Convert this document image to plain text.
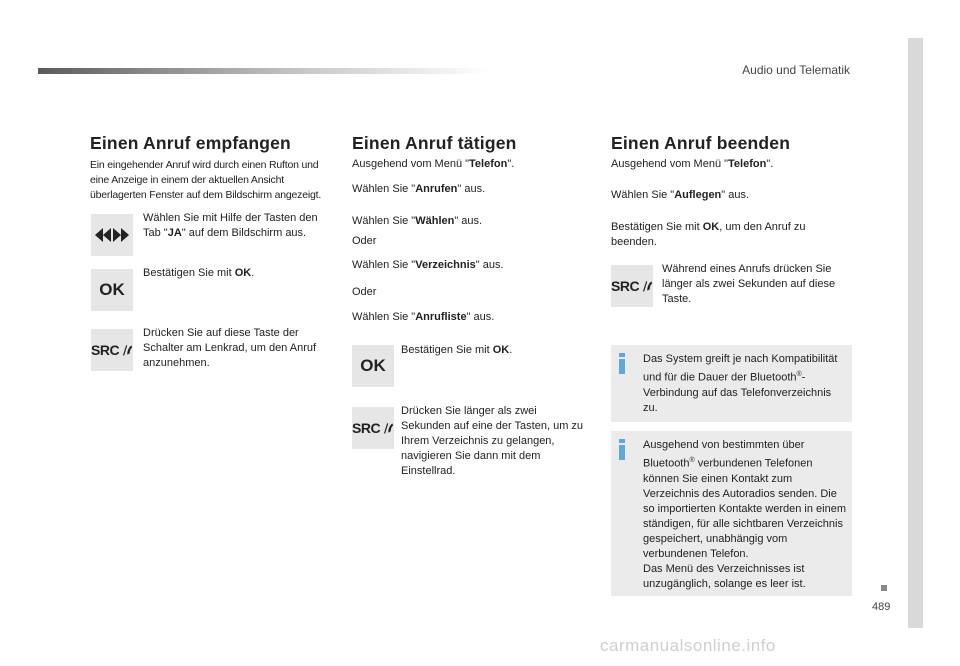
Audio und Telematik
489
Einen Anruf empfangen

Ein eingehender Anruf wird durch einen Rufton und eine Anzeige in einem der aktuellen Ansicht überlagerten Fenster auf dem Bildschirm angezeigt.

Wählen Sie mit Hilfe der Tasten den Tab "JA" auf dem Bildschirm aus.

OK

Bestätigen Sie mit OK.

SRC

Drücken Sie auf diese Taste der Schalter am Lenkrad, um den Anruf anzunehmen.

Einen Anruf tätigen

Ausgehend vom Menü "Telefon".

Wählen Sie "Anrufen" aus.

Wählen Sie "Wählen" aus.

Oder

Wählen Sie "Verzeichnis" aus.

Oder

Wählen Sie "Anrufliste" aus.

OK

Bestätigen Sie mit OK.

SRC

Drücken Sie länger als zwei Sekunden auf eine der Tasten, um zu Ihrem Verzeichnis zu gelangen, navigieren Sie dann mit dem Einstellrad.

Einen Anruf beenden

Ausgehend vom Menü "Telefon".

Wählen Sie "Auflegen" aus.

Bestätigen Sie mit OK, um den Anruf zu beenden.

SRC

Während eines Anrufs drücken Sie länger als zwei Sekunden auf diese Taste.

Das System greift je nach Kompatibilität und für die Dauer der Bluetooth®-Verbindung auf das Telefonverzeichnis zu.

Ausgehend von bestimmten über Bluetooth® verbundenen Telefonen können Sie einen Kontakt zum Verzeichnis des Autoradios senden. Die so importierten Kontakte werden in einem ständigen, für alle sichtbaren Verzeichnis gespeichert, unabhängig vom verbundenen Telefon.
Das Menü des Verzeichnisses ist unzugänglich, solange es leer ist.

carmanualsonline.info
